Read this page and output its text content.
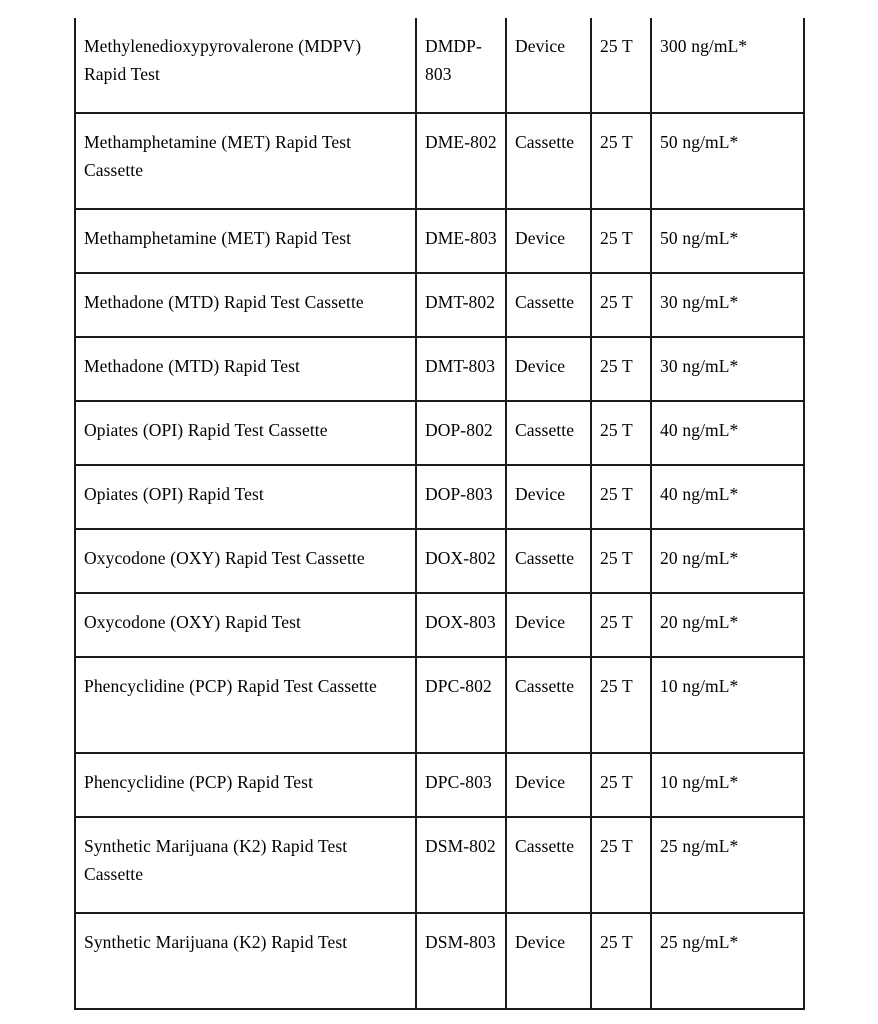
Methylenedioxypyrovalerone (MDPV) Rapid Test	DMDP-803	Device	25 T	300 ng/mL*
Methamphetamine (MET) Rapid Test Cassette	DME-802	Cassette	25 T	50 ng/mL*
Methamphetamine (MET) Rapid Test	DME-803	Device	25 T	50 ng/mL*
Methadone (MTD) Rapid Test Cassette	DMT-802	Cassette	25 T	30 ng/mL*
Methadone (MTD) Rapid Test	DMT-803	Device	25 T	30 ng/mL*
Opiates (OPI) Rapid Test Cassette	DOP-802	Cassette	25 T	40 ng/mL*
Opiates (OPI) Rapid Test	DOP-803	Device	25 T	40 ng/mL*
Oxycodone (OXY) Rapid Test Cassette	DOX-802	Cassette	25 T	20 ng/mL*
Oxycodone (OXY) Rapid Test	DOX-803	Device	25 T	20 ng/mL*
Phencyclidine (PCP) Rapid Test Cassette	DPC-802	Cassette	25 T	10 ng/mL*
Phencyclidine (PCP) Rapid Test	DPC-803	Device	25 T	10 ng/mL*
Synthetic Marijuana (K2) Rapid Test Cassette	DSM-802	Cassette	25 T	25 ng/mL*
Synthetic Marijuana (K2) Rapid Test	DSM-803	Device	25 T	25 ng/mL*
